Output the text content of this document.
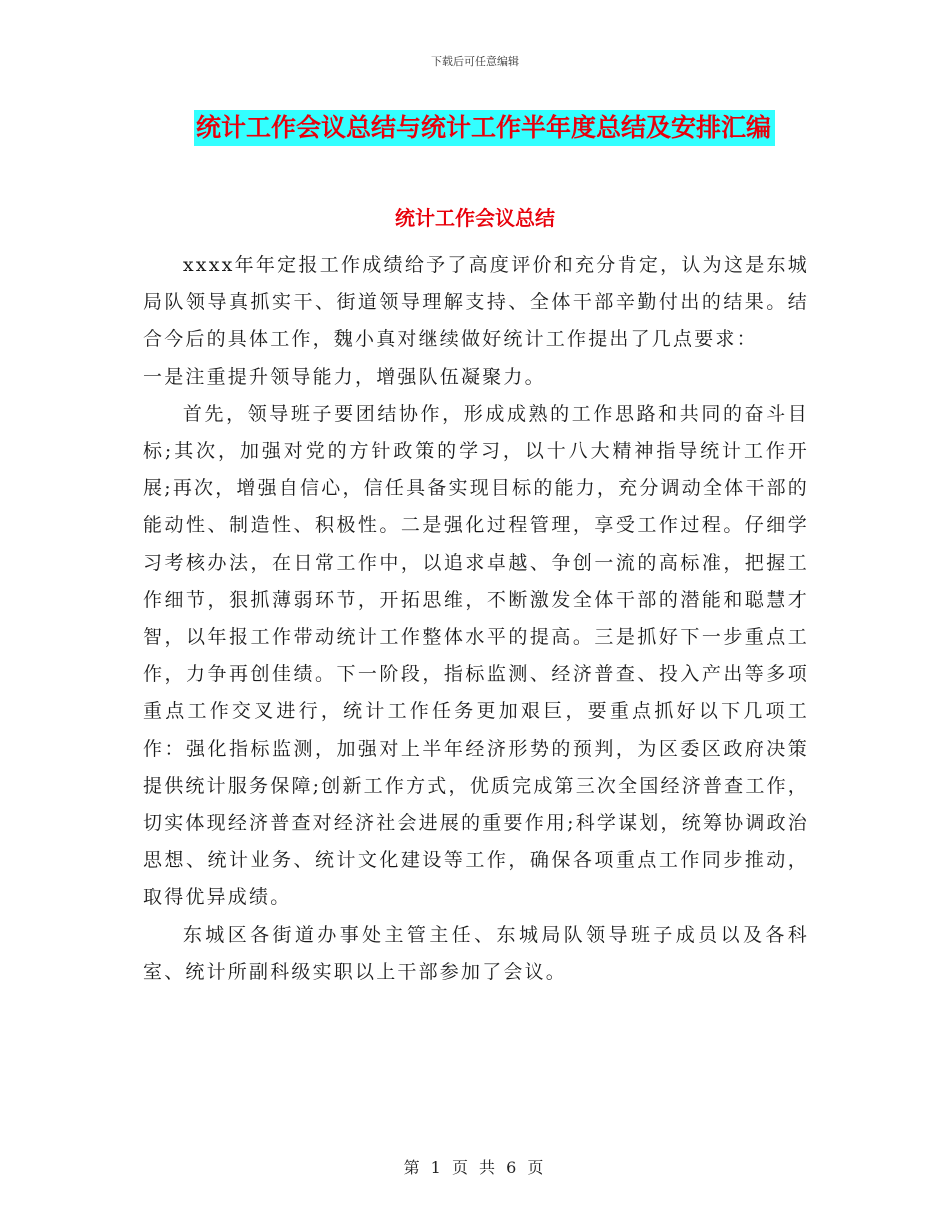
下载后可任意编辑
统计工作会议总结与统计工作半年度总结及安排汇编
统计工作会议总结

xxxx年年定报工作成绩给予了高度评价和充分肯定，认为这是东城局队领导真抓实干、街道领导理解支持、全体干部辛勤付出的结果。结合今后的具体工作，魏小真对继续做好统计工作提出了几点要求：

一是注重提升领导能力，增强队伍凝聚力。

首先，领导班子要团结协作，形成成熟的工作思路和共同的奋斗目标;其次，加强对党的方针政策的学习，以十八大精神指导统计工作开展;再次，增强自信心，信任具备实现目标的能力，充分调动全体干部的能动性、制造性、积极性。二是强化过程管理，享受工作过程。仔细学习考核办法，在日常工作中，以追求卓越、争创一流的高标准，把握工作细节，狠抓薄弱环节，开拓思维，不断激发全体干部的潜能和聪慧才智，以年报工作带动统计工作整体水平的提高。三是抓好下一步重点工作，力争再创佳绩。下一阶段，指标监测、经济普查、投入产出等多项重点工作交叉进行，统计工作任务更加艰巨，要重点抓好以下几项工作：强化指标监测，加强对上半年经济形势的预判，为区委区政府决策提供统计服务保障;创新工作方式，优质完成第三次全国经济普查工作，切实体现经济普查对经济社会进展的重要作用;科学谋划，统筹协调政治思想、统计业务、统计文化建设等工作，确保各项重点工作同步推动，取得优异成绩。

东城区各街道办事处主管主任、东城局队领导班子成员以及各科室、统计所副科级实职以上干部参加了会议。

第 1 页 共 6 页
